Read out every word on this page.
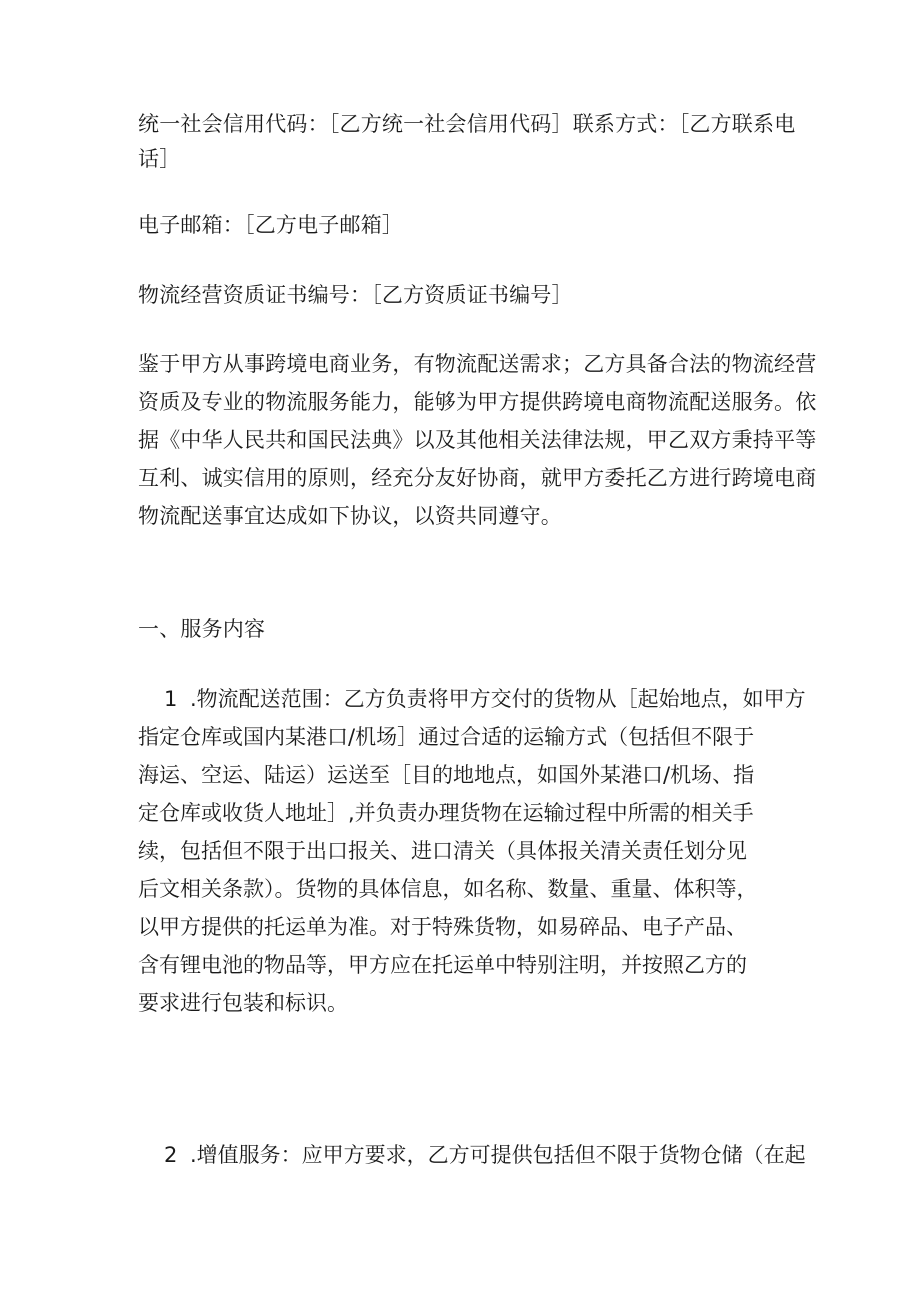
统一社会信用代码：［乙方统一社会信用代码］联系方式：［乙方联系电
话］

电子邮箱：［乙方电子邮箱］

物流经营资质证书编号：［乙方资质证书编号］

鉴于甲方从事跨境电商业务，有物流配送需求；乙方具备合法的物流经营
资质及专业的物流服务能力，能够为甲方提供跨境电商物流配送服务。依
据《中华人民共和国民法典》以及其他相关法律法规，甲乙双方秉持平等
互利、诚实信用的原则，经充分友好协商，就甲方委托乙方进行跨境电商
物流配送事宜达成如下协议，以资共同遵守。

一、服务内容

1 .物流配送范围：乙方负责将甲方交付的货物从［起始地点，如甲方
指定仓库或国内某港口/机场］通过合适的运输方式（包括但不限于
海运、空运、陆运）运送至［目的地地点，如国外某港口/机场、指
定仓库或收货人地址］,并负责办理货物在运输过程中所需的相关手
续，包括但不限于出口报关、进口清关（具体报关清关责任划分见
后文相关条款）。货物的具体信息，如名称、数量、重量、体积等，
以甲方提供的托运单为准。对于特殊货物，如易碎品、电子产品、
含有锂电池的物品等，甲方应在托运单中特别注明，并按照乙方的
要求进行包装和标识。

2 .增值服务：应甲方要求，乙方可提供包括但不限于货物仓储（在起
